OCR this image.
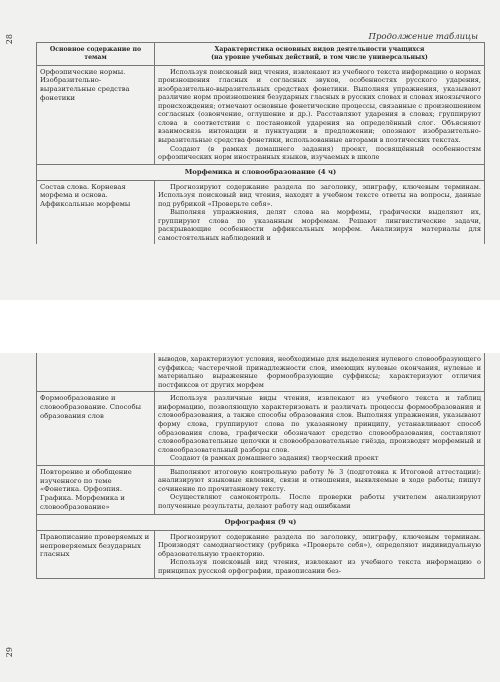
28	Продолжение таблицы
Основное содержание по темам	Характеристика основных видов деятельности учащихся
(на уровне учебных действий, в том числе универсальных)
Орфоэпические нормы. Изобразительно-выразительные средства фонетики	Используя поисковый вид чтения, извлекают из учебного текста информацию о нормах произношения гласных и согласных звуков, особенностях русского ударения, изобразительно-выразительных средствах фонетики. Выполняя упражнения, указывают различие норм произношения безударных гласных в русских словах и словах иноязычного происхождения; отмечают основные фонетические процессы, связанные с произношением согласных (озвончение, оглушение и др.). Расставляют ударения в словах; группируют слова в соответствии с постановкой ударения на определённый слог. Объясняют взаимосвязь интонации и пунктуации в предложении; опознают изобразительно-выразительные средства фонетики, использованные авторами в поэтических текстах.

Создают (в рамках домашнего задания) проект, посвящённый особенностям орфоэпических норм иностранных языков, изучаемых в школе

Морфемика и словообразование (4 ч)	
Состав слова. Корневая морфема и основа. Аффиксальные морфемы	Прогнозируют содержание раздела по заголовку, эпиграфу, ключевым терминам. Используя поисковый вид чтения, находят в учебном тексте ответы на вопросы, данные под рубрикой «Проверьте себя».

Выполняя упражнения, делят слова на морфемы, графически выделяют их, группируют слова по указанным морфемам. Решают лингвистические задачи, раскрывающие особенности аффиксальных морфем. Анализируя материалы для самостоятельных наблюдений и

29

	выводов, характеризуют условия, необходимые для выделения нулевого словообразующего суффикса; частеречной принадлежности слов, имеющих нулевые окончания, нулевые и материально выраженные формообразующие суффиксы; характеризуют отличия постфиксов от других морфем

Формообразование и словообразование. Способы образования слов	Используя различные виды чтения, извлекают из учебного текста и таблиц информацию, позволяющую характеризовать и различать процессы формообразования и словообразования, а также способы образования слов. Выполняя упражнения, указывают форму слова, группируют слова по указанному принципу, устанавливают способ образования слова, графически обозначают средство словообразования, составляют словообразовательные цепочки и словообразовательные гнёзда, производят морфемный и словообразовательный разборы слов.

Создают (в рамках домашнего задания) творческий проект

Повторение и обобщение изученного по теме «Фонетика. Орфоэпия. Графика. Морфемика и словообразование»	Выполняют итоговую контрольную работу № 3 (подготовка к Итоговой аттестации): анализируют языковые явления, связи и отношения, выявляемые в ходе работы; пишут сочинение по прочитанному тексту.

Осуществляют самоконтроль. После проверки работы учителем анализируют полученные результаты, делают работу над ошибками

Орфография (9 ч)	
Правописание проверяемых и непроверяемых безударных гласных	Прогнозируют содержание раздела по заголовку, эпиграфу, ключевым терминам. Производят самодиагностику (рубрика «Проверьте себя»), определяют индивидуальную образовательную траекторию.

Используя поисковый вид чтения, извлекают из учебного текста информацию о принципах русской орфографии, правописании без-
